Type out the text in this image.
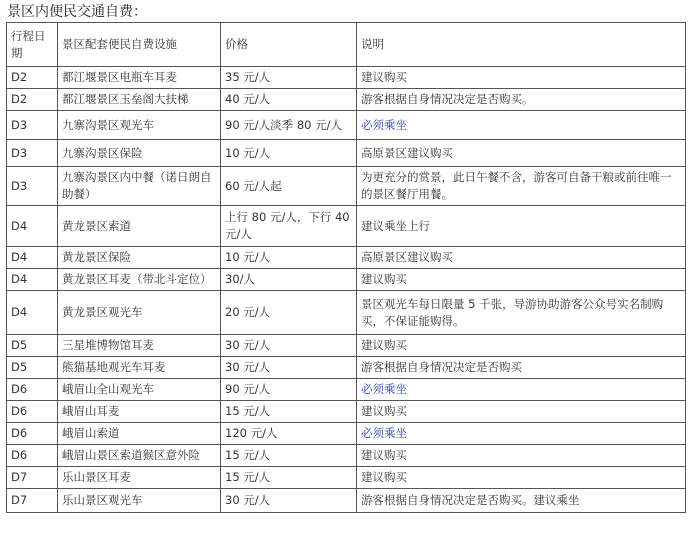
景区内便民交通自费：
行程日期	景区配套便民自费设施	价格	说明
D2	都江堰景区电瓶车耳麦	35 元/人	建议购买
D2	都江堰景区玉垒阁大扶梯	40 元/人	游客根据自身情况决定是否购买。
D3	九寨沟景区观光车	90 元/人淡季 80 元/人	必须乘坐
D3	九寨沟景区保险	10 元/人	高原景区建议购买
D3	九寨沟景区内中餐（诺日朗自助餐）	60 元/人起	为更充分的赏景，此日午餐不含，游客可自备干粮或前往唯一的景区餐厅用餐。
D4	黄龙景区索道	上行 80 元/人，下行 40 元/人	建议乘坐上行
D4	黄龙景区保险	10 元/人	高原景区建议购买
D4	黄龙景区耳麦（带北斗定位）	30/人	建议购买
D4	黄龙景区观光车	20 元/人	景区观光车每日限量 5 千张，导游协助游客公众号实名制购买，不保证能购得。
D5	三星堆博物馆耳麦	30 元/人	建议购买
D5	熊猫基地观光车耳麦	30 元/人	游客根据自身情况决定是否购买
D6	峨眉山全山观光车	90 元/人	必须乘坐
D6	峨眉山耳麦	15 元/人	建议购买
D6	峨眉山索道	120 元/人	必须乘坐
D6	峨眉山景区索道猴区意外险	15 元/人	建议购买
D7	乐山景区耳麦	15 元/人	建议购买
D7	乐山景区观光车	30 元/人	游客根据自身情况决定是否购买。建议乘坐
